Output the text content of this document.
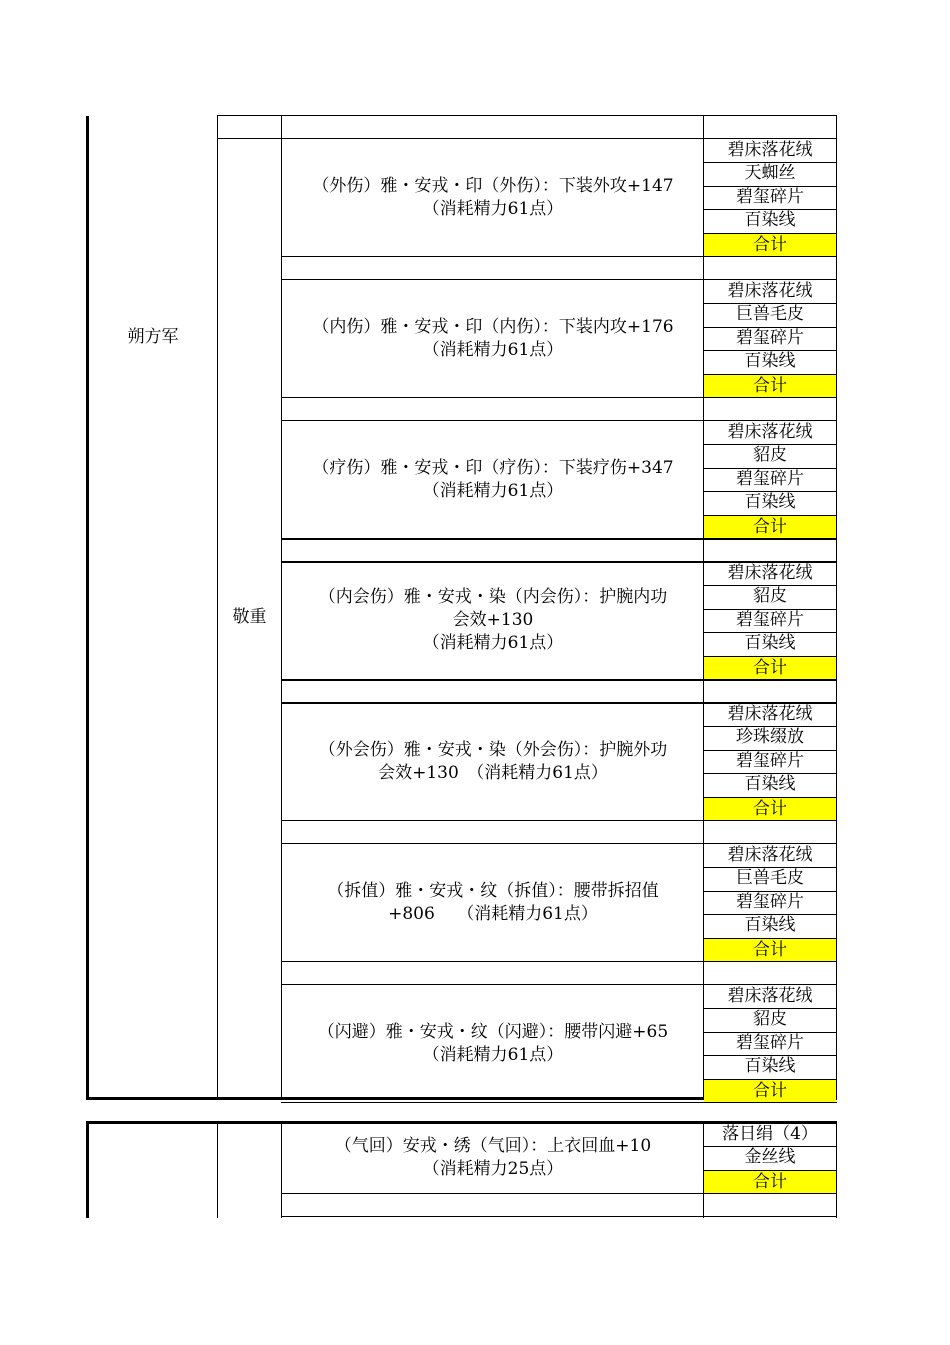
朔方军
敬重
（外伤）雅・安戎・印（外伤）：下装外攻+147
（消耗精力61点）
碧床落花绒
天蜘丝
碧玺碎片
百染线
合计
（内伤）雅・安戎・印（内伤）：下装内攻+176
（消耗精力61点）
碧床落花绒
巨兽毛皮
碧玺碎片
百染线
合计
（疗伤）雅・安戎・印（疗伤）：下装疗伤+347
（消耗精力61点）
碧床落花绒
貂皮
碧玺碎片
百染线
合计
（内会伤）雅・安戎・染（内会伤）：护腕内功
会效+130
（消耗精力61点）
碧床落花绒
貂皮
碧玺碎片
百染线
合计
（外会伤）雅・安戎・染（外会伤）：护腕外功
会效+130　（消耗精力61点）
碧床落花绒
珍珠缀放
碧玺碎片
百染线
合计
（拆值）雅・安戎・纹（拆值）：腰带拆招值
+806　 （消耗精力61点）
碧床落花绒
巨兽毛皮
碧玺碎片
百染线
合计
（闪避）雅・安戎・纹（闪避）：腰带闪避+65
（消耗精力61点）
碧床落花绒
貂皮
碧玺碎片
百染线
合计
（气回）安戎・绣（气回）：上衣回血+10
（消耗精力25点）
落日绢（4）
金丝线
合计
